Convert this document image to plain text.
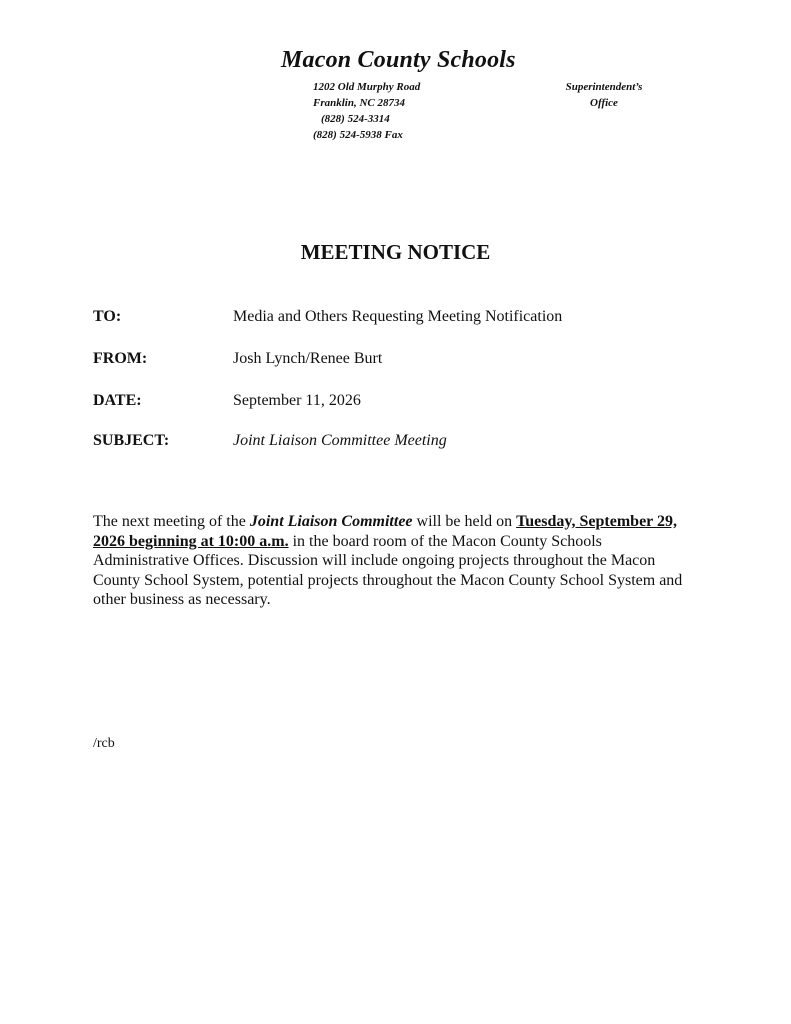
Macon County Schools
1202 Old Murphy Road
Franklin, NC 28734
(828) 524-3314
(828) 524-5938 Fax
Superintendent’s
Office
MEETING NOTICE
TO:	Media and Others Requesting Meeting Notification
FROM:	Josh Lynch/Renee Burt
DATE:	September 11, 2026
SUBJECT:	Joint Liaison Committee Meeting
The next meeting of the Joint Liaison Committee will be held on Tuesday, September 29, 2026 beginning at 10:00 a.m. in the board room of the Macon County Schools Administrative Offices. Discussion will include ongoing projects throughout the Macon County School System, potential projects throughout the Macon County School System and other business as necessary.
/rcb
